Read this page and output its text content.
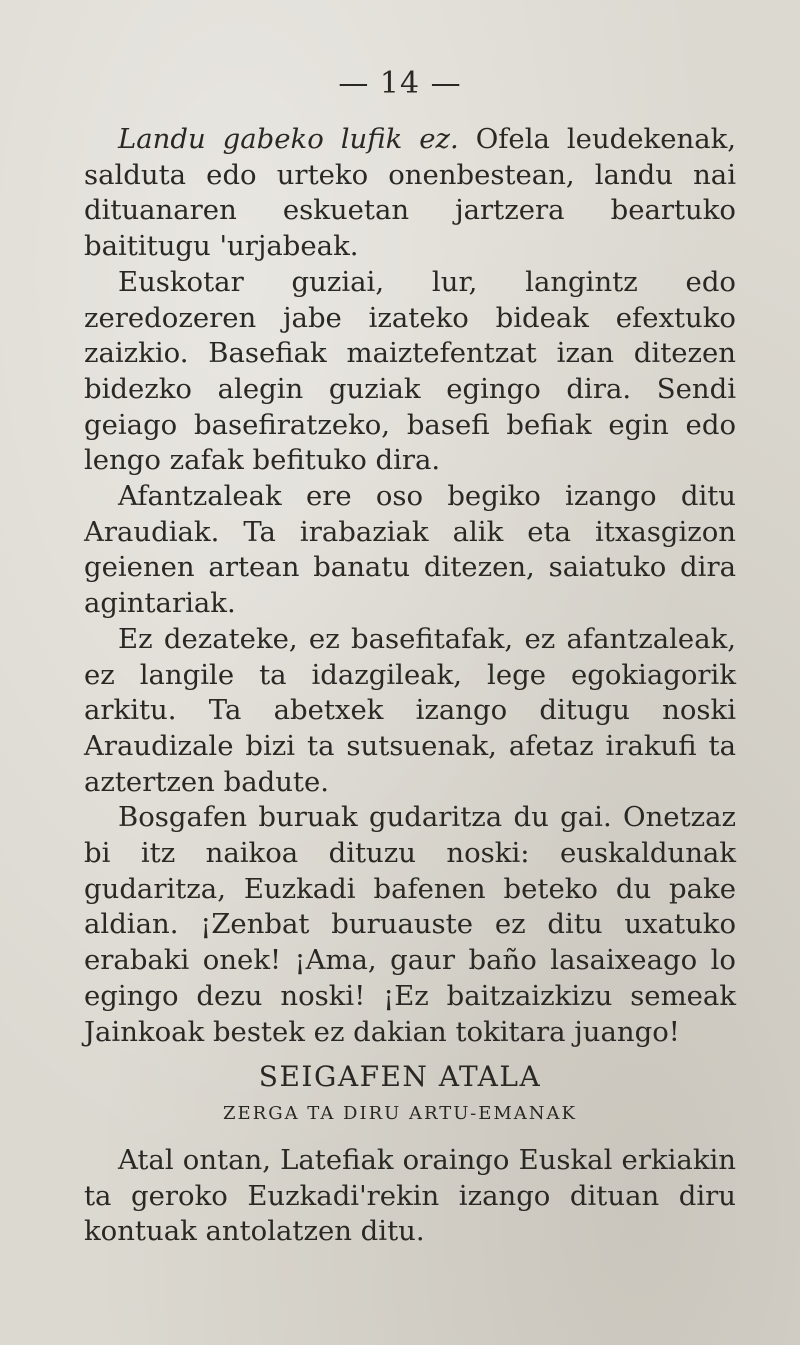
— 14 —

Landu gabeko lufik ez. Ofela leudekenak, salduta edo urteko onenbestean, landu nai dituanaren eskuetan jartzera beartuko baititugu 'urjabeak.

Euskotar guziai, lur, langintz edo zeredozeren jabe izateko bideak efextuko zaizkio. Basefiak maiztefentzat izan ditezen bidezko alegin guziak egingo dira. Sendi geiago basefiratzeko, basefi befiak egin edo lengo zafak befituko dira.

Afantzaleak ere oso begiko izango ditu Araudiak. Ta irabaziak alik eta itxasgizon geienen artean banatu ditezen, saiatuko dira agintariak.

Ez dezateke, ez basefitafak, ez afantzaleak, ez langile ta idazgileak, lege egokiagorik arkitu. Ta abetxek izango ditugu noski Araudizale bizi ta sutsuenak, afetaz irakufi ta aztertzen badute.

Bosgafen buruak gudaritza du gai. Onetzaz bi itz naikoa dituzu noski: euskaldunak gudaritza, Euzkadi bafenen beteko du pake aldian. ¡Zenbat buruauste ez ditu uxatuko erabaki onek! ¡Ama, gaur baño lasaixeago lo egingo dezu noski! ¡Ez baitzaizkizu semeak Jainkoak bestek ez dakian tokitara juango!

SEIGAFEN ATALA
ZERGA TA DIRU ARTU-EMANAK

Atal ontan, Latefiak oraingo Euskal erkiakin ta geroko Euzkadi'rekin izango dituan diru kontuak antolatzen ditu.
